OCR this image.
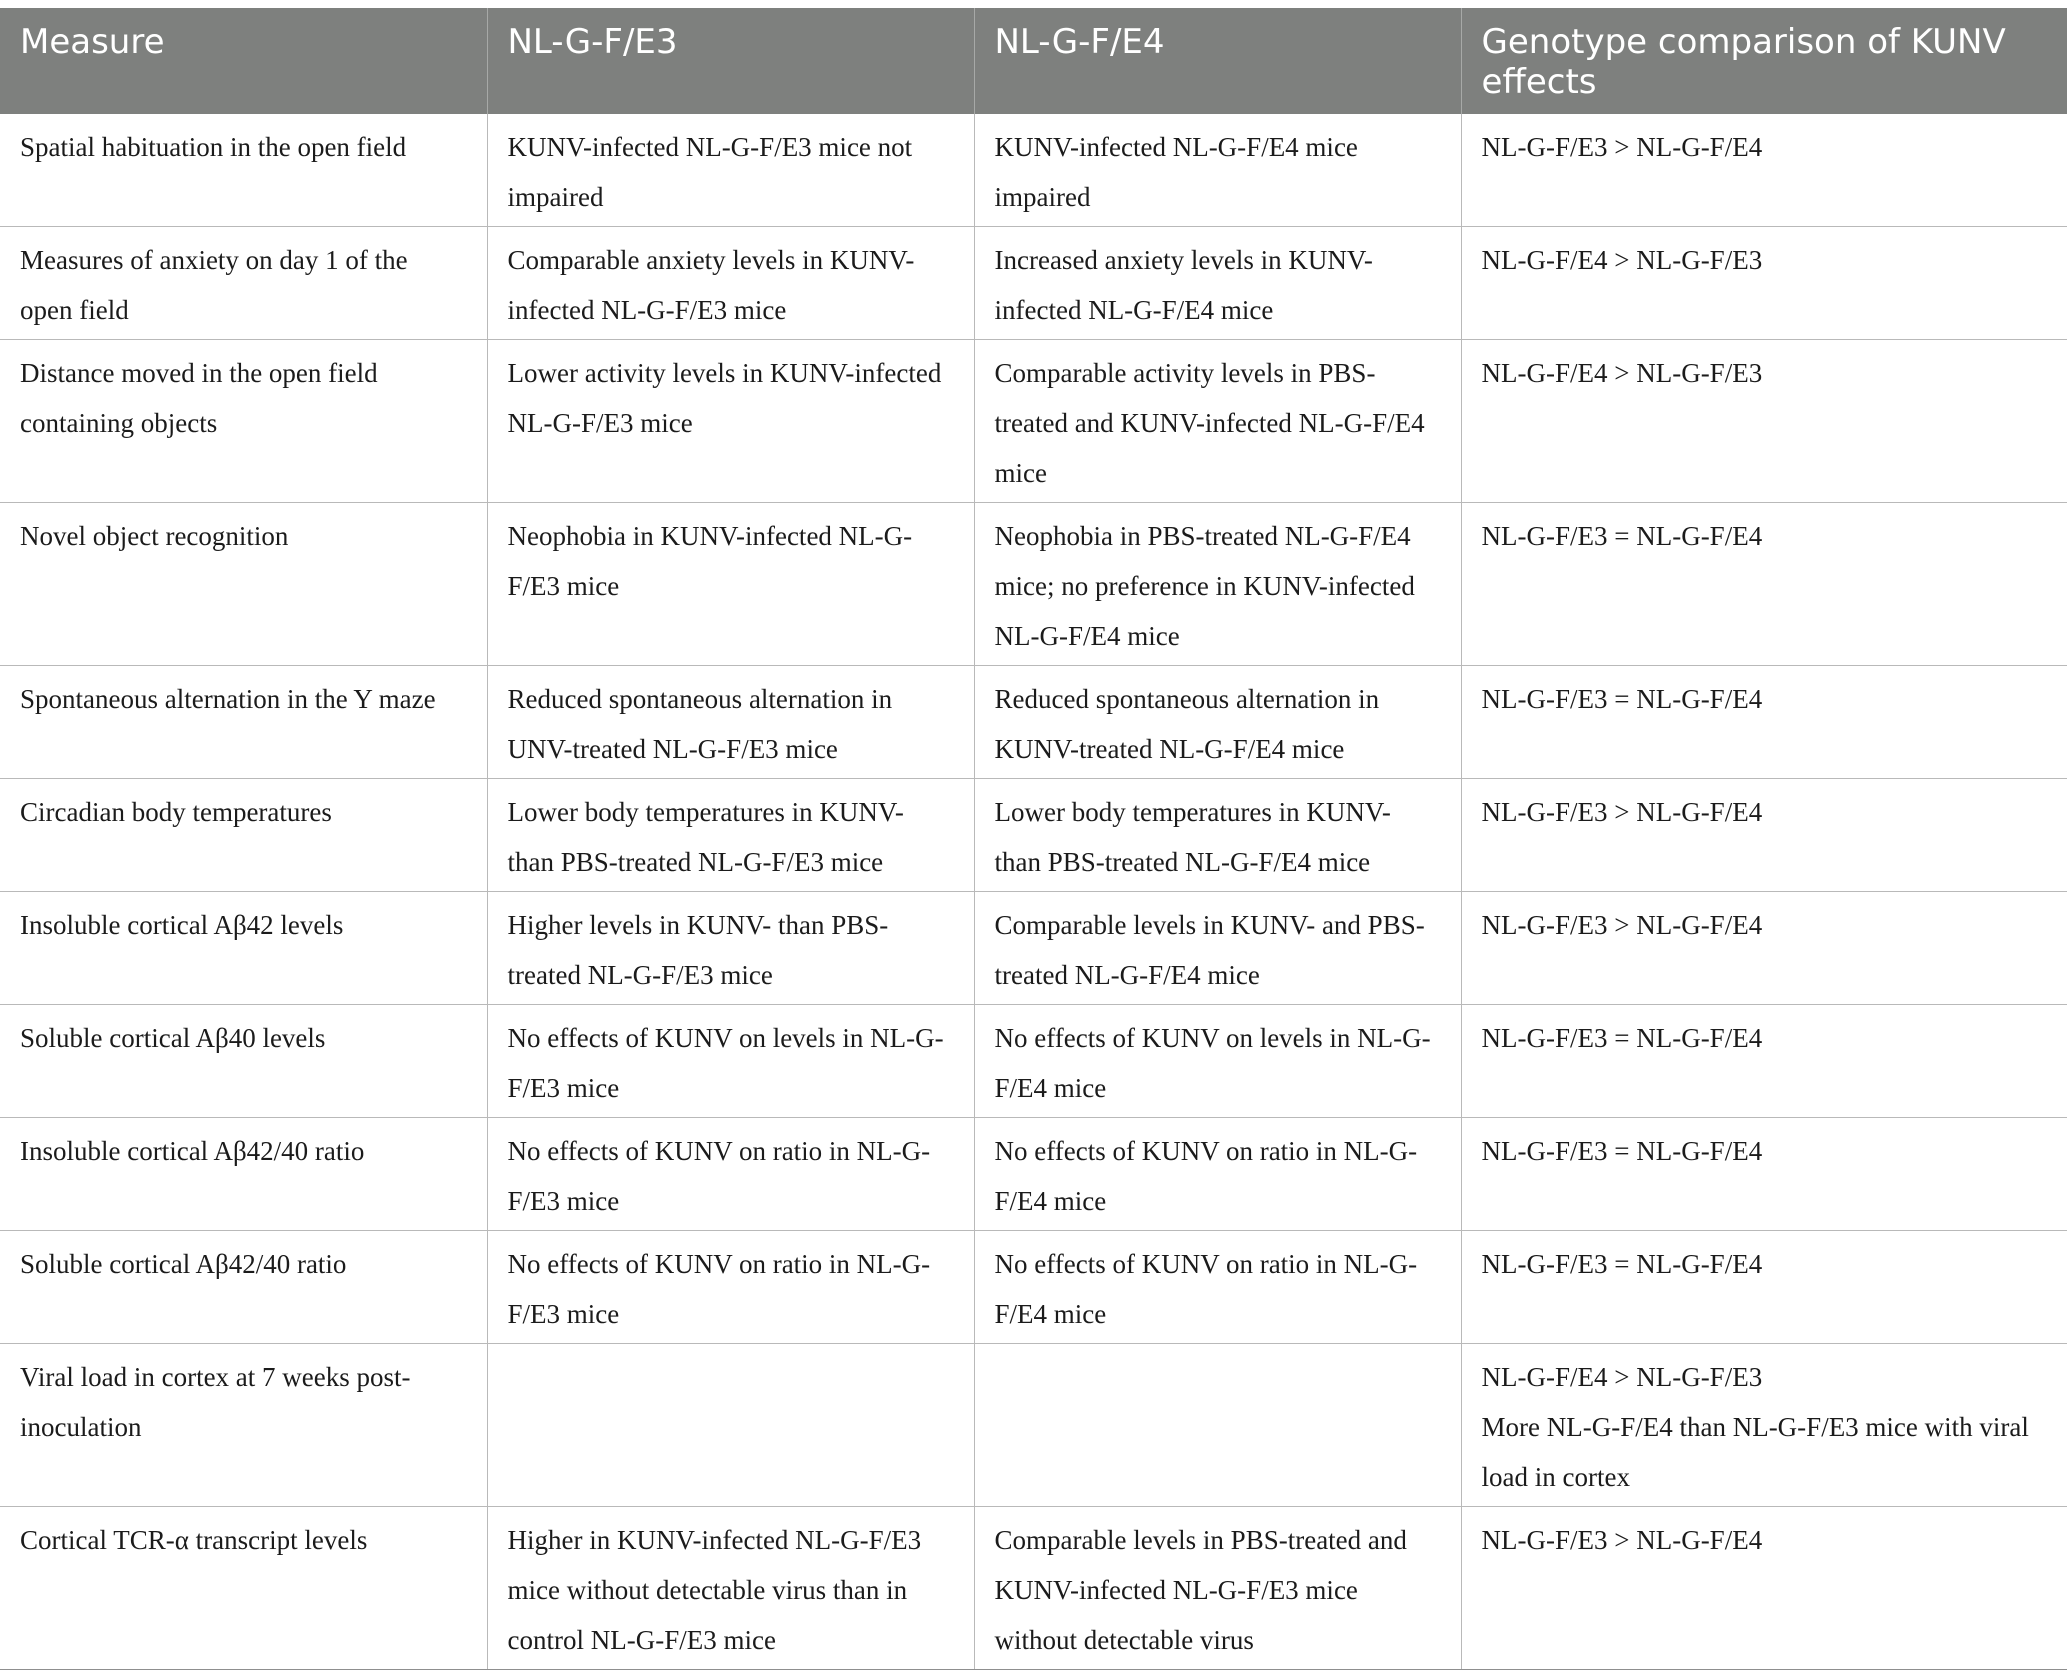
Measure	NL-G-F/E3	NL-G-F/E4	Genotype comparison of KUNV effects
Spatial habituation in the open field	KUNV-infected NL-G-F/E3 mice not impaired	KUNV-infected NL-G-F/E4 mice impaired	NL-G-F/E3 > NL-G-F/E4

Measures of anxiety on day 1 of the open field	Comparable anxiety levels in KUNV-infected NL-G-F/E3 mice	Increased anxiety levels in KUNV-infected NL-G-F/E4 mice	NL-G-F/E4 > NL-G-F/E3

Distance moved in the open field containing objects	Lower activity levels in KUNV-infected NL-G-F/E3 mice	Comparable activity levels in PBS-treated and KUNV-infected NL-G-F/E4 mice	NL-G-F/E4 > NL-G-F/E3

Novel object recognition	Neophobia in KUNV-infected NL-G-F/E3 mice	Neophobia in PBS-treated NL-G-F/E4 mice; no preference in KUNV-infected NL-G-F/E4 mice	NL-G-F/E3 = NL-G-F/E4

Spontaneous alternation in the Y maze	Reduced spontaneous alternation in UNV-treated NL-G-F/E3 mice	Reduced spontaneous alternation in KUNV-treated NL-G-F/E4 mice	NL-G-F/E3 = NL-G-F/E4

Circadian body temperatures	Lower body temperatures in KUNV- than PBS-treated NL-G-F/E3 mice	Lower body temperatures in KUNV- than PBS-treated NL-G-F/E4 mice	NL-G-F/E3 > NL-G-F/E4

Insoluble cortical Aβ42 levels	Higher levels in KUNV- than PBS-treated NL-G-F/E3 mice	Comparable levels in KUNV- and PBS-treated NL-G-F/E4 mice	NL-G-F/E3 > NL-G-F/E4

Soluble cortical Aβ40 levels	No effects of KUNV on levels in NL-G-F/E3 mice	No effects of KUNV on levels in NL-G-F/E4 mice	NL-G-F/E3 = NL-G-F/E4

Insoluble cortical Aβ42/40 ratio	No effects of KUNV on ratio in NL-G-F/E3 mice	No effects of KUNV on ratio in NL-G-F/E4 mice	NL-G-F/E3 = NL-G-F/E4

Soluble cortical Aβ42/40 ratio	No effects of KUNV on ratio in NL-G-F/E3 mice	No effects of KUNV on ratio in NL-G-F/E4 mice	NL-G-F/E3 = NL-G-F/E4

Viral load in cortex at 7 weeks post-inoculation			NL-G-F/E4 > NL-G-F/E3
More NL-G-F/E4 than NL-G-F/E3 mice with viral load in cortex

Cortical TCR-α transcript levels	Higher in KUNV-infected NL-G-F/E3 mice without detectable virus than in control NL-G-F/E3 mice	Comparable levels in PBS-treated and KUNV-infected NL-G-F/E3 mice without detectable virus	NL-G-F/E3 > NL-G-F/E4
